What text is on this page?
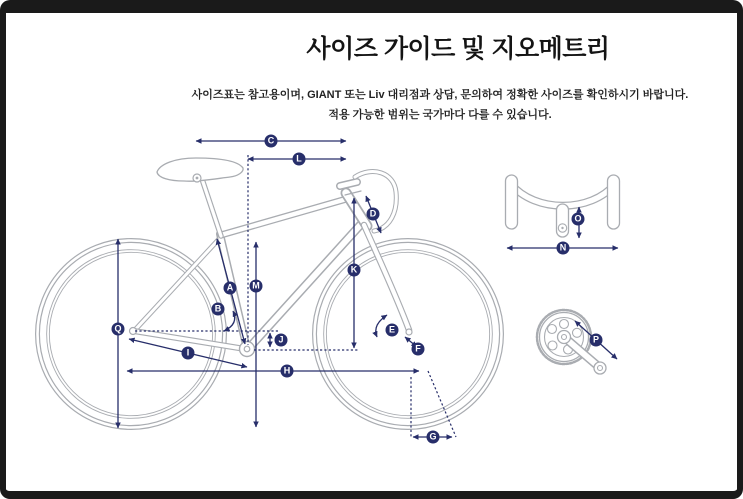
사이즈 가이드 및 지오메트리
사이즈표는 참고용이며, GIANT 또는 Liv 대리점과 상담, 문의하여 정확한 사이즈를 확인하시기 바랍니다.
적용 가능한 범위는 국가마다 다를 수 있습니다.
A
B
C
D
E
F
G
H
I
J
K
L
M
N
O
P
Q
